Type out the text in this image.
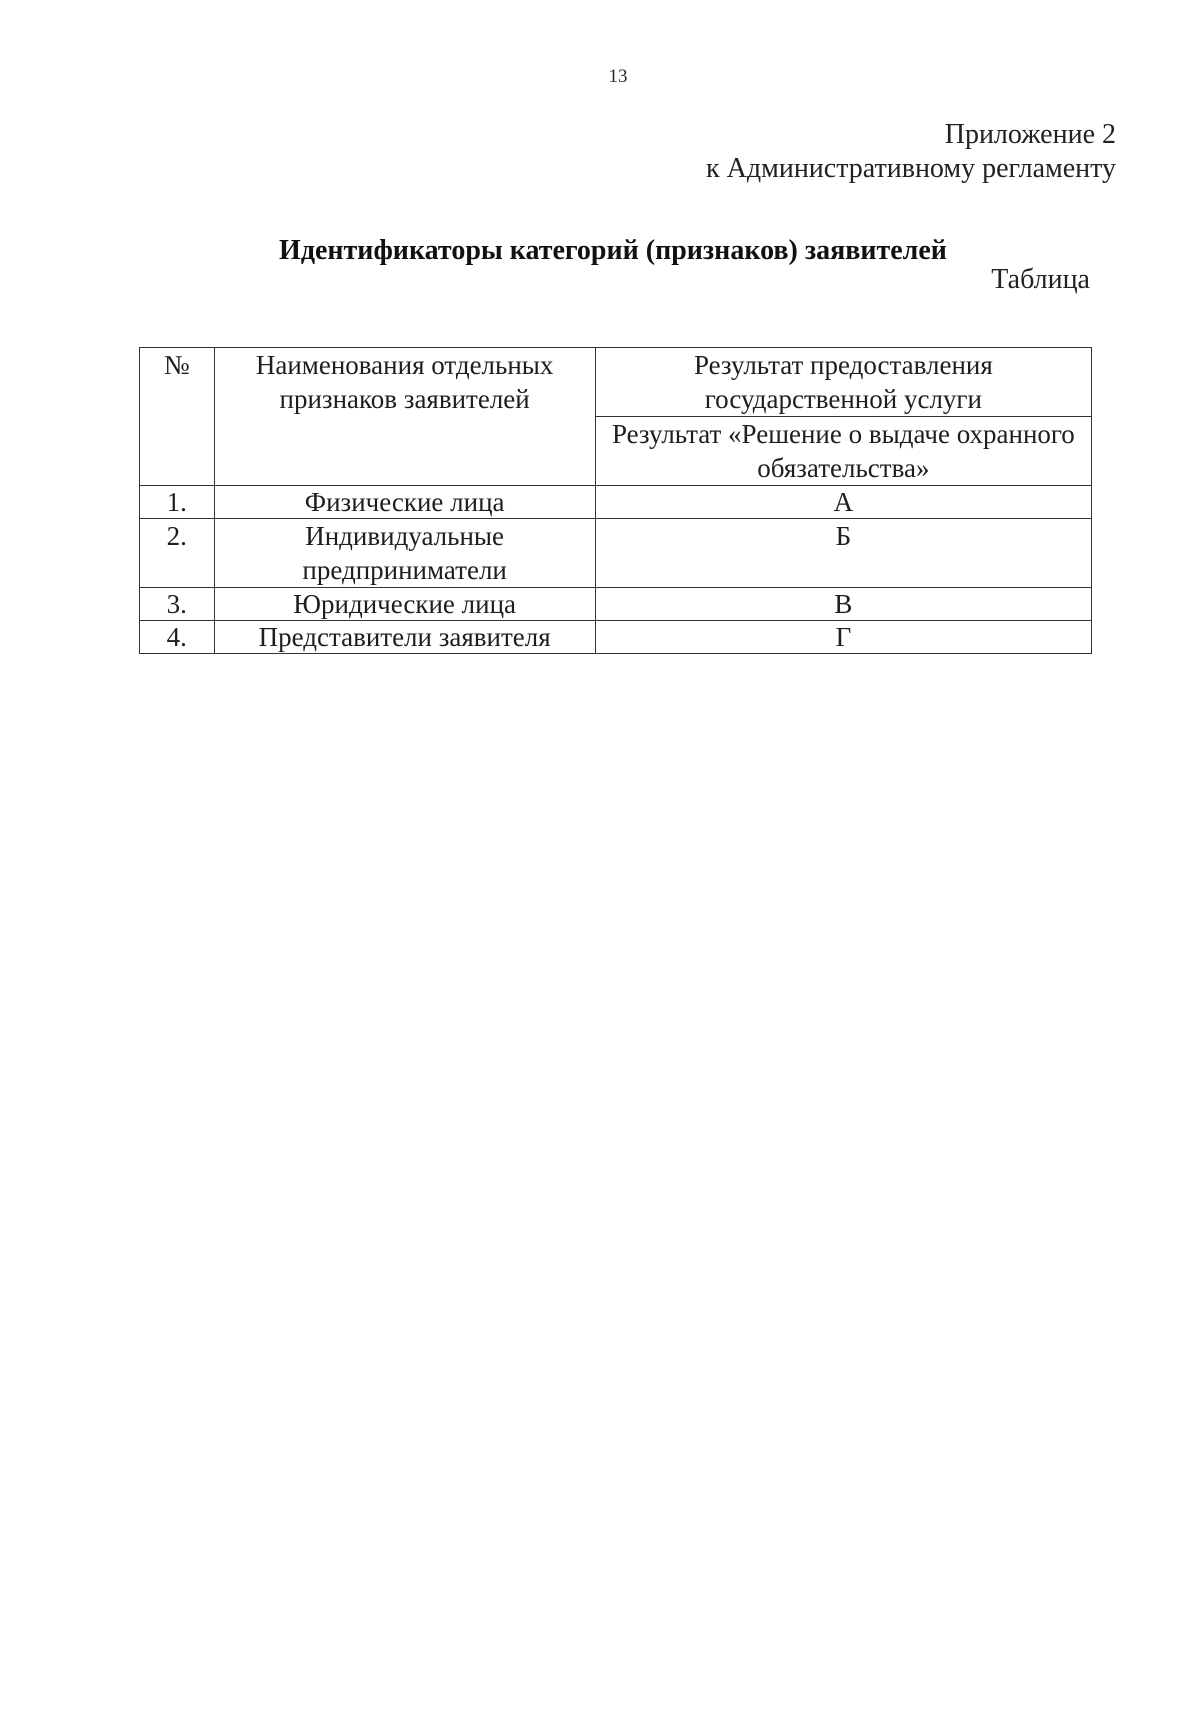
13
Приложение 2
к Административному регламенту
Идентификаторы категорий (признаков) заявителей
Таблица
№	Наименования отдельных признаков заявителей	Результат предоставления государственной услуги
		Результат «Решение о выдаче охранного обязательства»
1.	Физические лица	А
2.	Индивидуальные предприниматели	Б
3.	Юридические лица	В
4.	Представители заявителя	Г
